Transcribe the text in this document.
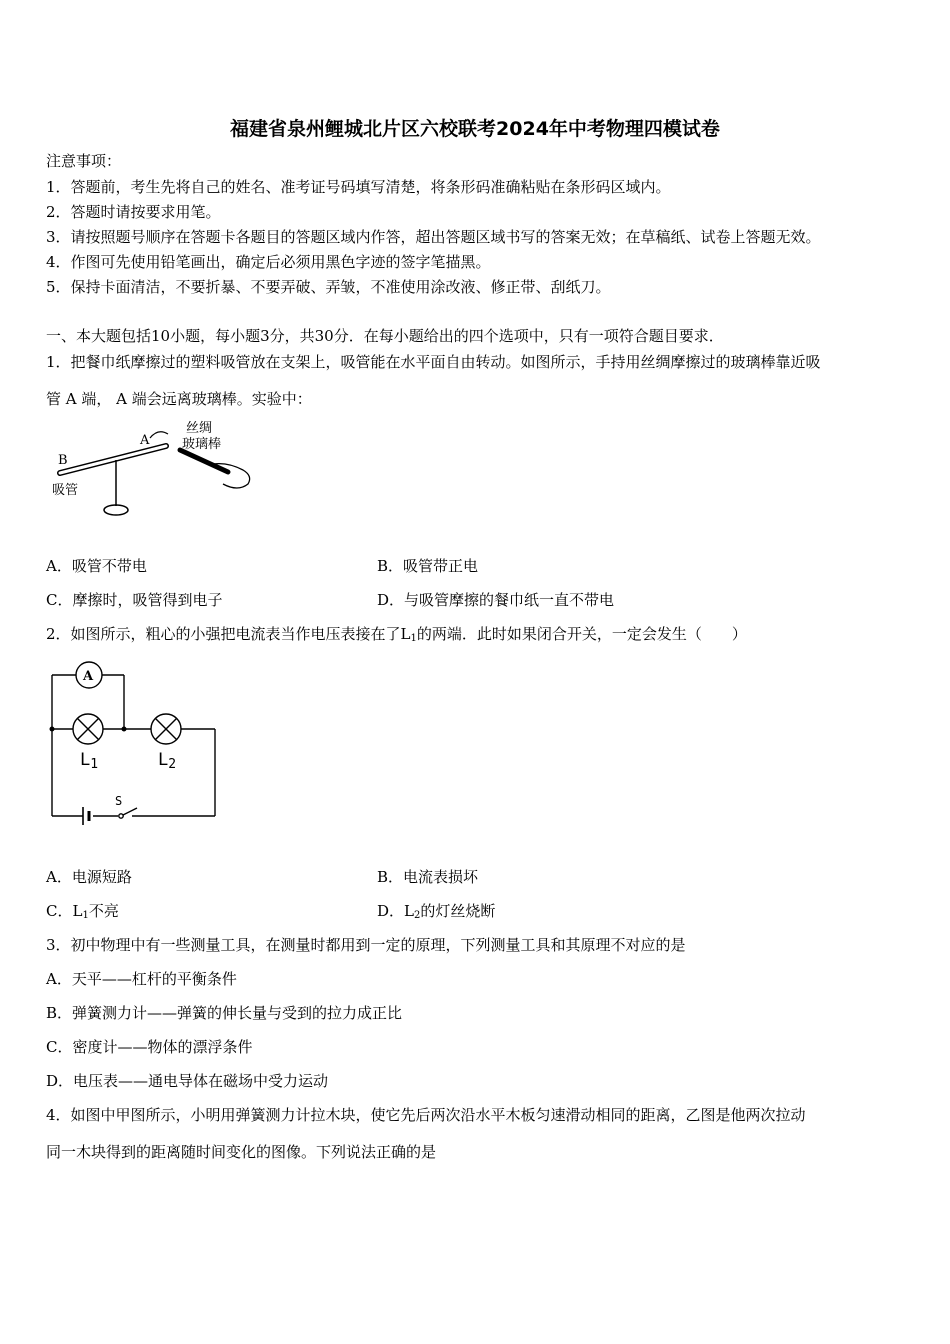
福建省泉州鲤城北片区六校联考2024年中考物理四模试卷
注意事项：
1．答题前，考生先将自己的姓名、准考证号码填写清楚，将条形码准确粘贴在条形码区域内。
2．答题时请按要求用笔。
3．请按照题号顺序在答题卡各题目的答题区域内作答，超出答题区域书写的答案无效；在草稿纸、试卷上答题无效。
4．作图可先使用铅笔画出，确定后必须用黑色字迹的签字笔描黑。
5．保持卡面清洁，不要折暴、不要弄破、弄皱，不准使用涂改液、修正带、刮纸刀。
一、本大题包括10小题，每小题3分，共30分．在每小题给出的四个选项中，只有一项符合题目要求．
1．把餐巾纸摩擦过的塑料吸管放在支架上，吸管能在水平面自由转动。如图所示，手持用丝绸摩擦过的玻璃棒靠近吸
管 A 端， A 端会远离玻璃棒。实验中：
B
吸管
A
丝绸
玻璃棒
A．吸管不带电	B．吸管带正电
C．摩擦时，吸管得到电子	D．与吸管摩擦的餐巾纸一直不带电
2．如图所示，粗心的小强把电流表当作电压表接在了$L_1$的两端．此时如果闭合开关，一定会发生（　　）
A
L1	L2
S
A．电源短路	B．电流表损坏
C．$L_1$不亮	D．$L_2$的灯丝烧断
3．初中物理中有一些测量工具，在测量时都用到一定的原理，下列测量工具和其原理不对应的是
A．天平——杠杆的平衡条件
B．弹簧测力计——弹簧的伸长量与受到的拉力成正比
C．密度计——物体的漂浮条件
D．电压表——通电导体在磁场中受力运动
4．如图中甲图所示，小明用弹簧测力计拉木块，使它先后两次沿水平木板匀速滑动相同的距离，乙图是他两次拉动
同一木块得到的距离随时间变化的图像。下列说法正确的是
